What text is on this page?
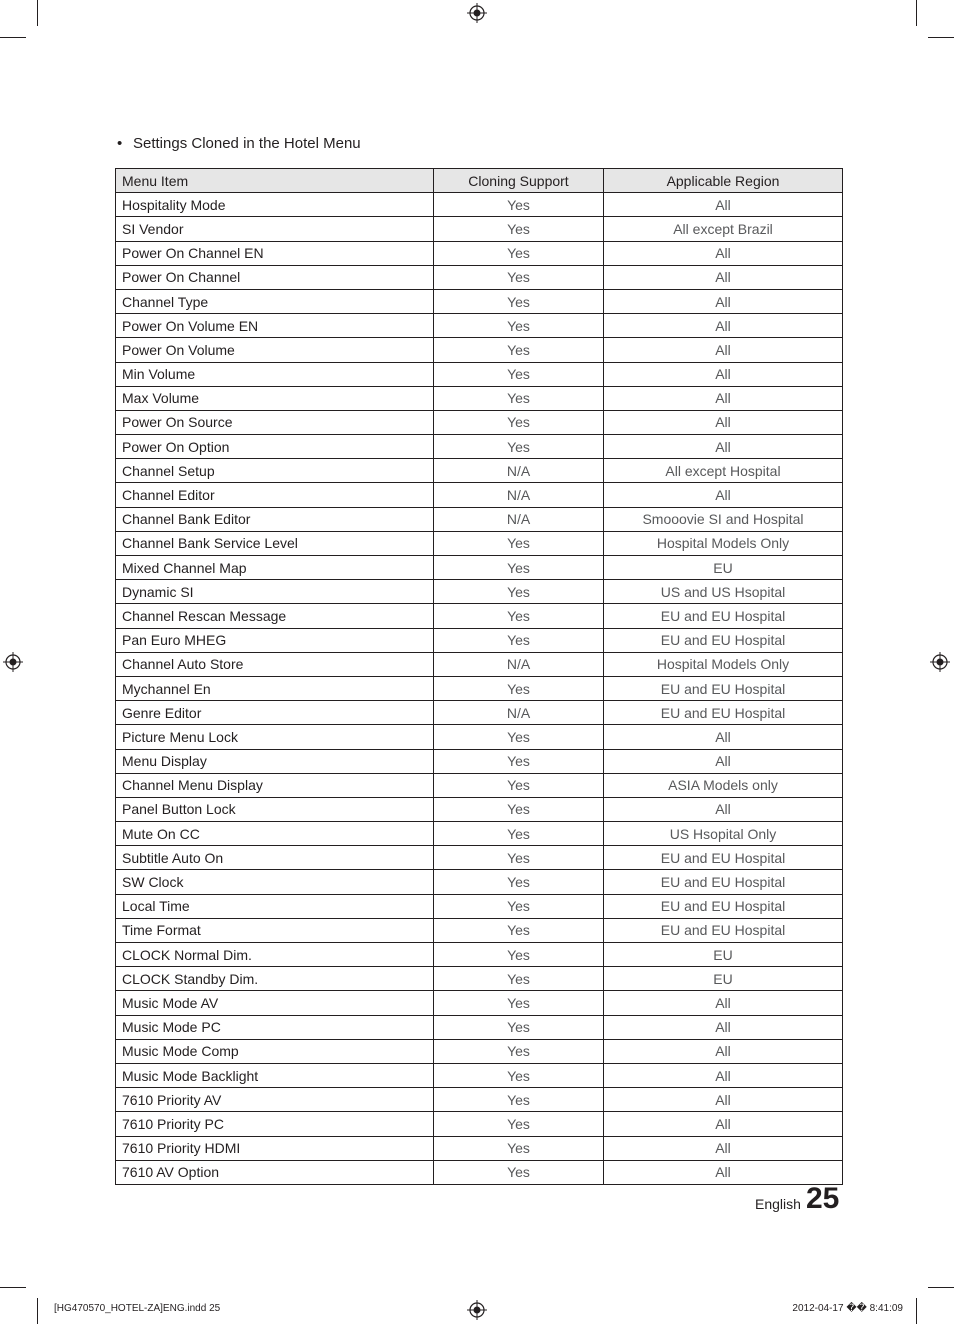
• Settings Cloned in the Hotel Menu
Menu Item	Cloning Support	Applicable Region
Hospitality Mode	Yes	All
SI Vendor	Yes	All except Brazil
Power On Channel EN	Yes	All
Power On Channel	Yes	All
Channel Type	Yes	All
Power On Volume EN	Yes	All
Power On Volume	Yes	All
Min Volume	Yes	All
Max Volume	Yes	All
Power On Source	Yes	All
Power On Option	Yes	All
Channel Setup	N/A	All except Hospital
Channel Editor	N/A	All
Channel Bank Editor	N/A	Smooovie SI and Hospital
Channel Bank Service Level	Yes	Hospital Models Only
Mixed Channel Map	Yes	EU
Dynamic SI	Yes	US and US Hsopital
Channel Rescan Message	Yes	EU and EU Hospital
Pan Euro MHEG	Yes	EU and EU Hospital
Channel Auto Store	N/A	Hospital Models Only
Mychannel En	Yes	EU and EU Hospital
Genre Editor	N/A	EU and EU Hospital
Picture Menu Lock	Yes	All
Menu Display	Yes	All
Channel Menu Display	Yes	ASIA Models only
Panel Button Lock	Yes	All
Mute On CC	Yes	US Hsopital Only
Subtitle Auto On	Yes	EU and EU Hospital
SW Clock	Yes	EU and EU Hospital
Local Time	Yes	EU and EU Hospital
Time Format	Yes	EU and EU Hospital
CLOCK Normal Dim.	Yes	EU
CLOCK Standby Dim.	Yes	EU
Music Mode AV	Yes	All
Music Mode PC	Yes	All
Music Mode Comp	Yes	All
Music Mode Backlight	Yes	All
7610 Priority AV	Yes	All
7610 Priority PC	Yes	All
7610 Priority HDMI	Yes	All
7610 AV Option	Yes	All
English 25
[HG470570_HOTEL-ZA]ENG.indd 25	2012-04-17 �� 8:41:09
